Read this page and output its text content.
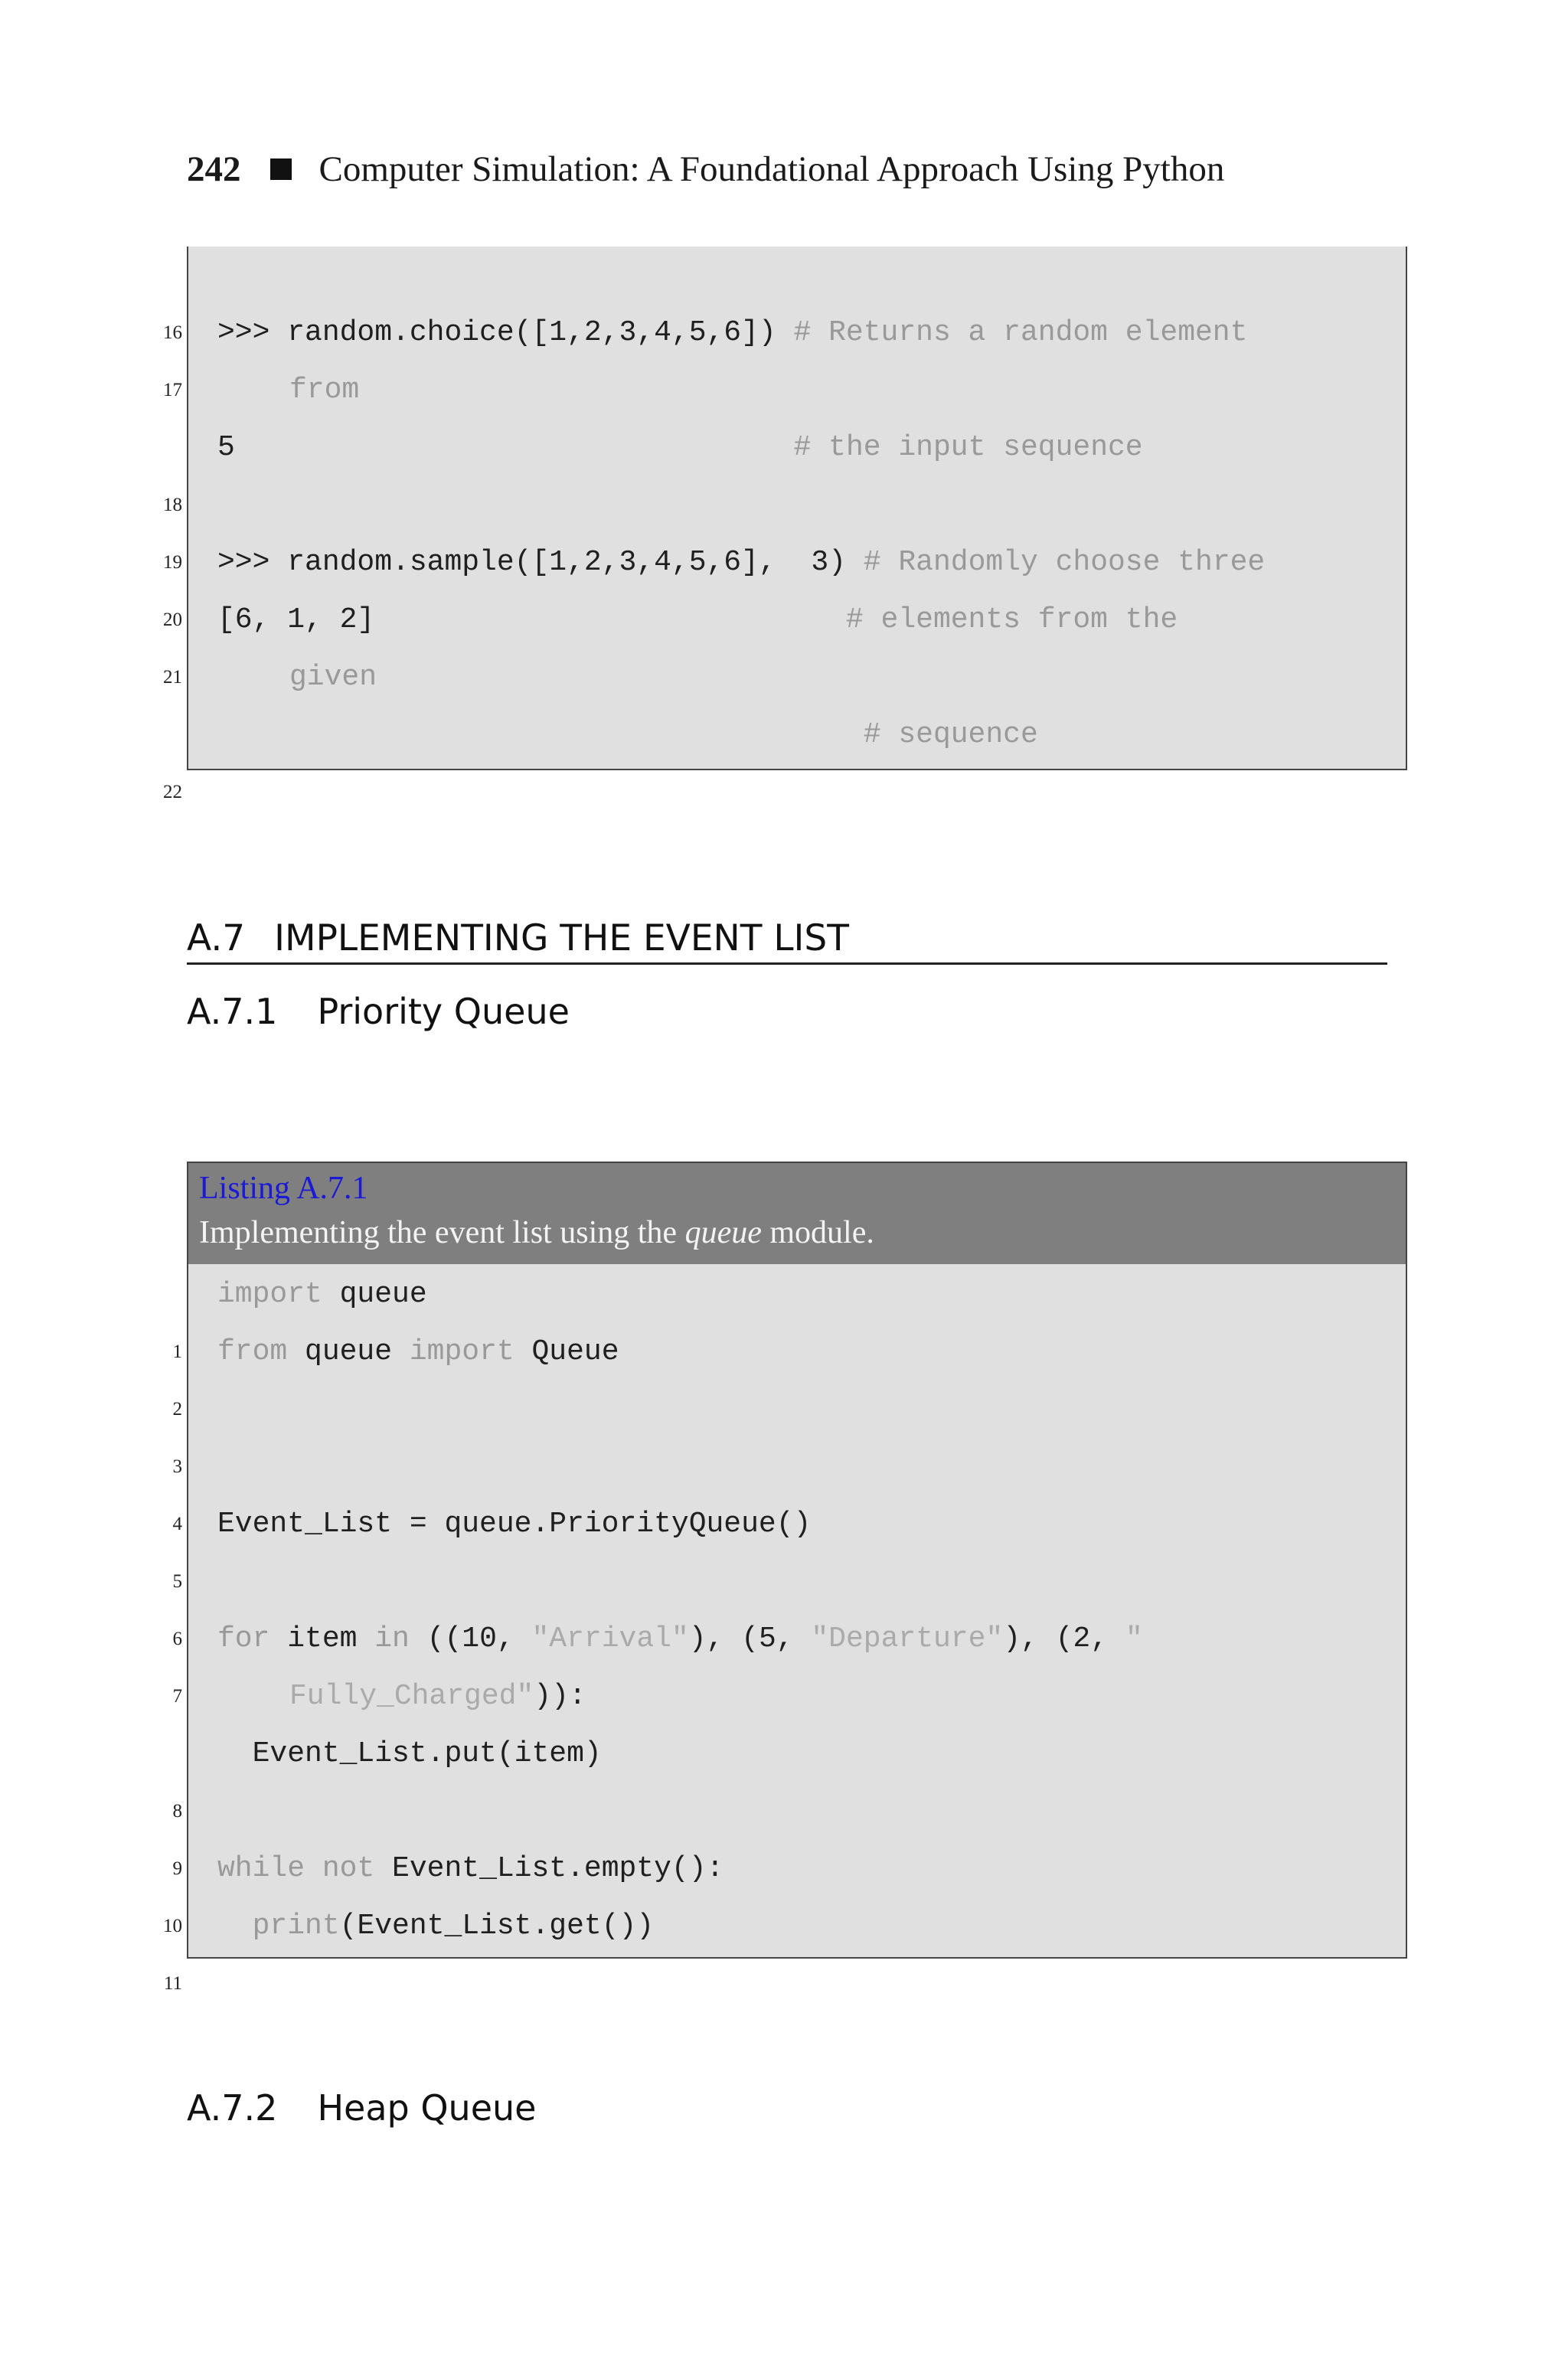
242 Computer Simulation: A Foundational Approach Using Python

16

17

>>> random.choice([1,2,3,4,5,6]) # Returns a random element

from

18

5                                # the input sequence

19

20

>>> random.sample([1,2,3,4,5,6],  3) # Randomly choose three

21

[6, 1, 2]                           # elements from the

given

22

# sequence

A.7 IMPLEMENTING THE EVENT LIST
A.7.1 Priority Queue
Listing A.7.1
Implementing the event list using the queue module.

1

import queue

2

from queue import Queue

3

4

5

Event_List = queue.PriorityQueue()

6

7

for item in ((10, "Arrival"), (5, "Departure"), (2, "

Fully_Charged")):

8

Event_List.put(item)

9

10

while not Event_List.empty():

11

print(Event_List.get())

A.7.2 Heap Queue
